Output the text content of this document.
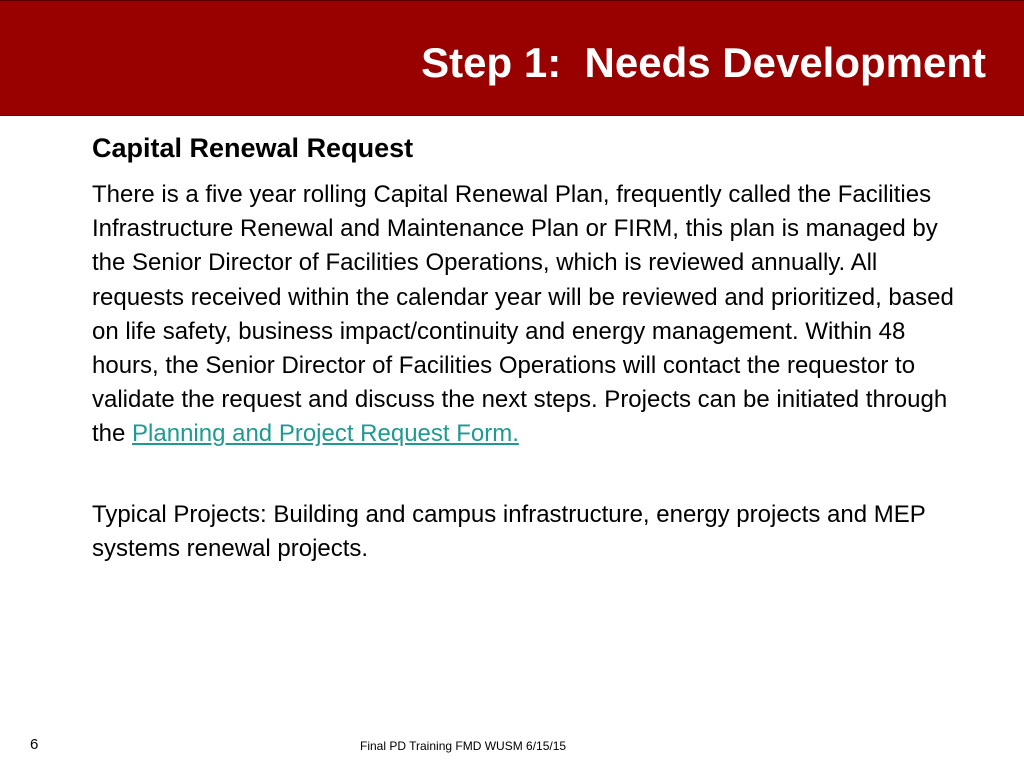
Step 1:  Needs Development
Capital Renewal Request

There is a five year rolling Capital Renewal Plan, frequently called the Facilities Infrastructure Renewal and Maintenance Plan or FIRM, this plan is managed by the Senior Director of Facilities Operations, which is reviewed annually. All requests received within the calendar year will be reviewed and prioritized, based on life safety, business impact/continuity and energy management. Within 48 hours, the Senior Director of Facilities Operations will contact the requestor to validate the request and discuss the next steps. Projects can be initiated through the Planning and Project Request Form.

Typical Projects: Building and campus infrastructure, energy projects and MEP systems renewal projects.

6	Final PD Training FMD WUSM 6/15/15
